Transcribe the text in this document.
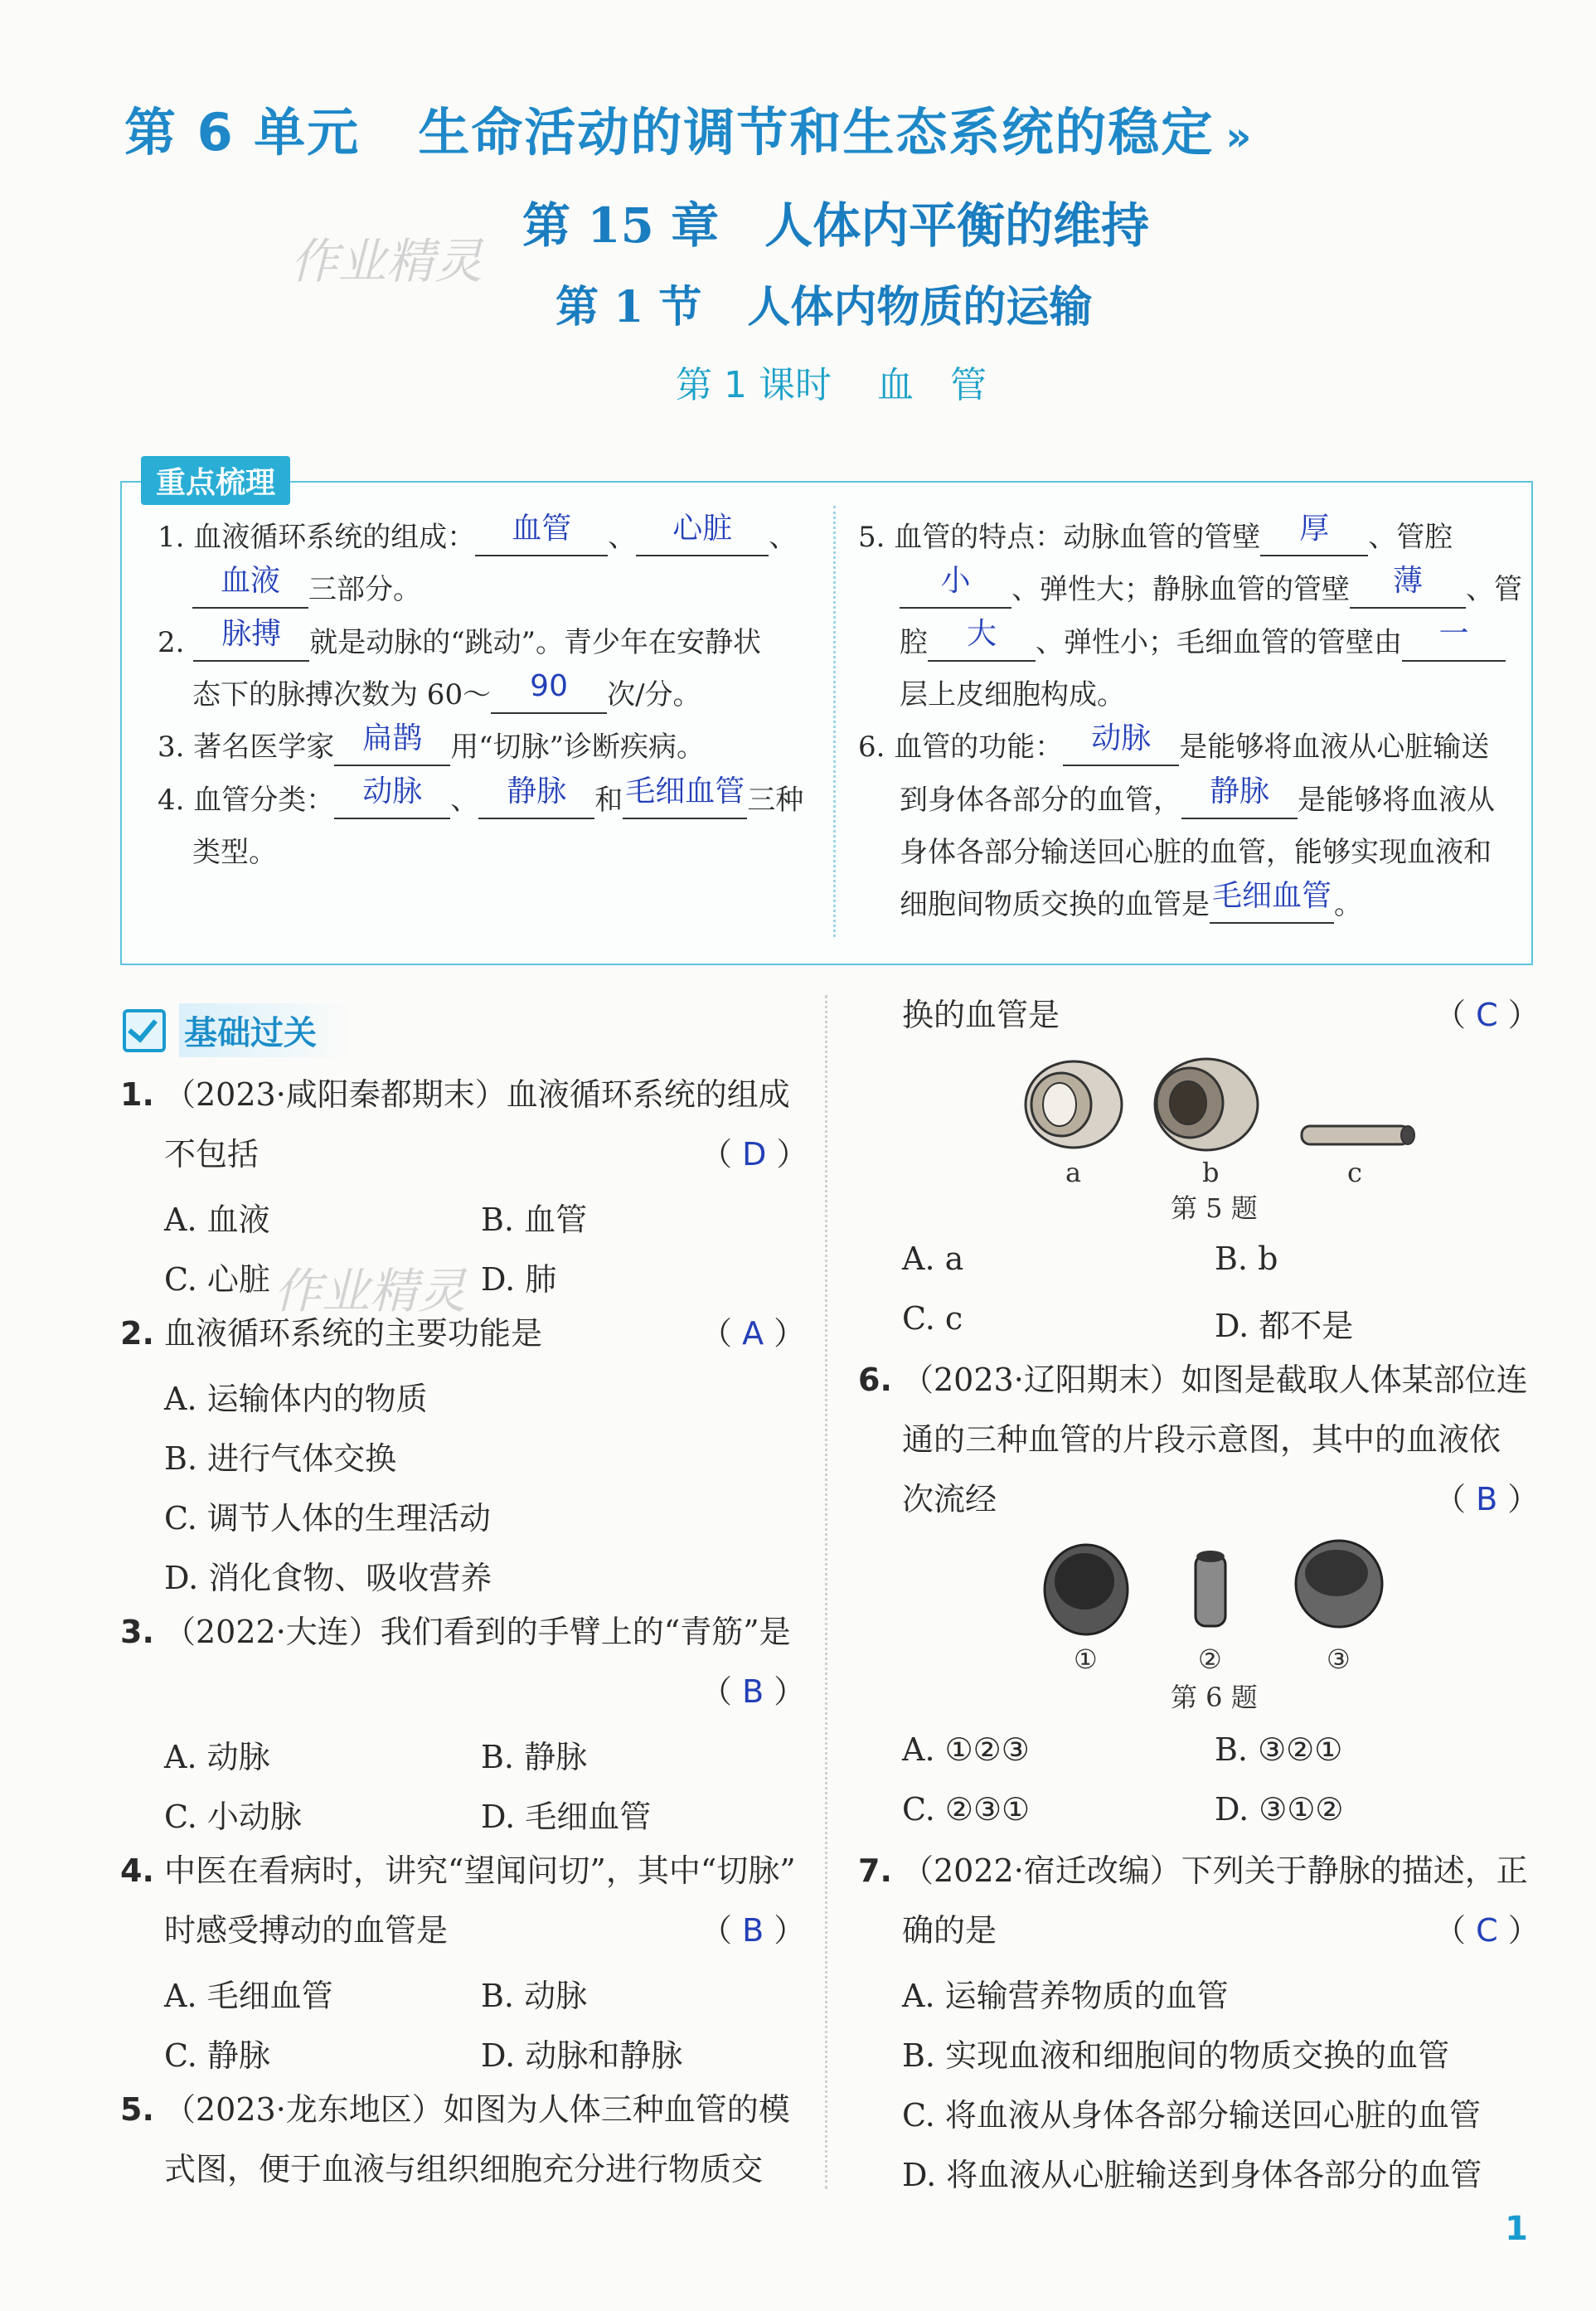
第 6 单元 生命活动的调节和生态系统的稳定 »
作业精灵
第 15 章 人体内平衡的维持
第 1 节 人体内物质的运输
第 1 课时 血　管
重点梳理
1. 血液循环系统的组成：	血管	、	心脏	、
血液	三部分。
2.	脉搏	就是动脉的“跳动”。青少年在安静状
态下的脉搏次数为 60～	90	次/分。
3. 著名医学家 扁鹊	用“切脉”诊断疾病。
4. 血管分类： 动脉	、 静脉	和 毛细血管 三种
类型。
5. 血管的特点：动脉血管的管壁	厚	、管腔
小	、弹性大；静脉血管的管壁	薄	、管
腔	大	、弹性小；毛细血管的管壁由	一
层上皮细胞构成。
6. 血管的功能： 动脉	是能够将血液从心脏输送
到身体各部分的血管， 静脉	是能够将血液从
身体各部分输送回心脏的血管，能够实现血液和
细胞间物质交换的血管是 毛细血管 。
基础过关
1. （2023·咸阳秦都期末）血液循环系统的组成
不包括	（ D ）
A. 血液	B. 血管
C. 心脏	D. 肺
作业精灵
2. 血液循环系统的主要功能是	（ A ）
A. 运输体内的物质
B. 进行气体交换
C. 调节人体的生理活动
D. 消化食物、吸收营养
3. （2022·大连）我们看到的手臂上的“青筋”是
（ B ）
A. 动脉	B. 静脉
C. 小动脉	D. 毛细血管
4. 中医在看病时，讲究“望闻问切”，其中“切脉”
时感受搏动的血管是	（ B ）
A. 毛细血管	B. 动脉
C. 静脉	D. 动脉和静脉
5. （2023·龙东地区）如图为人体三种血管的模
式图，便于血液与组织细胞充分进行物质交
换的血管是	（ C ）
a	b	c
第 5 题
A. a	B. b
C. c	D. 都不是
6. （2023·辽阳期末）如图是截取人体某部位连
通的三种血管的片段示意图，其中的血液依
次流经	（ B ）
①	②	③
第 6 题
A. ①②③	B. ③②①
C. ②③①	D. ③①②
7. （2022·宿迁改编）下列关于静脉的描述，正
确的是	（ C ）
A. 运输营养物质的血管
B. 实现血液和细胞间的物质交换的血管
C. 将血液从身体各部分输送回心脏的血管
D. 将血液从心脏输送到身体各部分的血管
1
